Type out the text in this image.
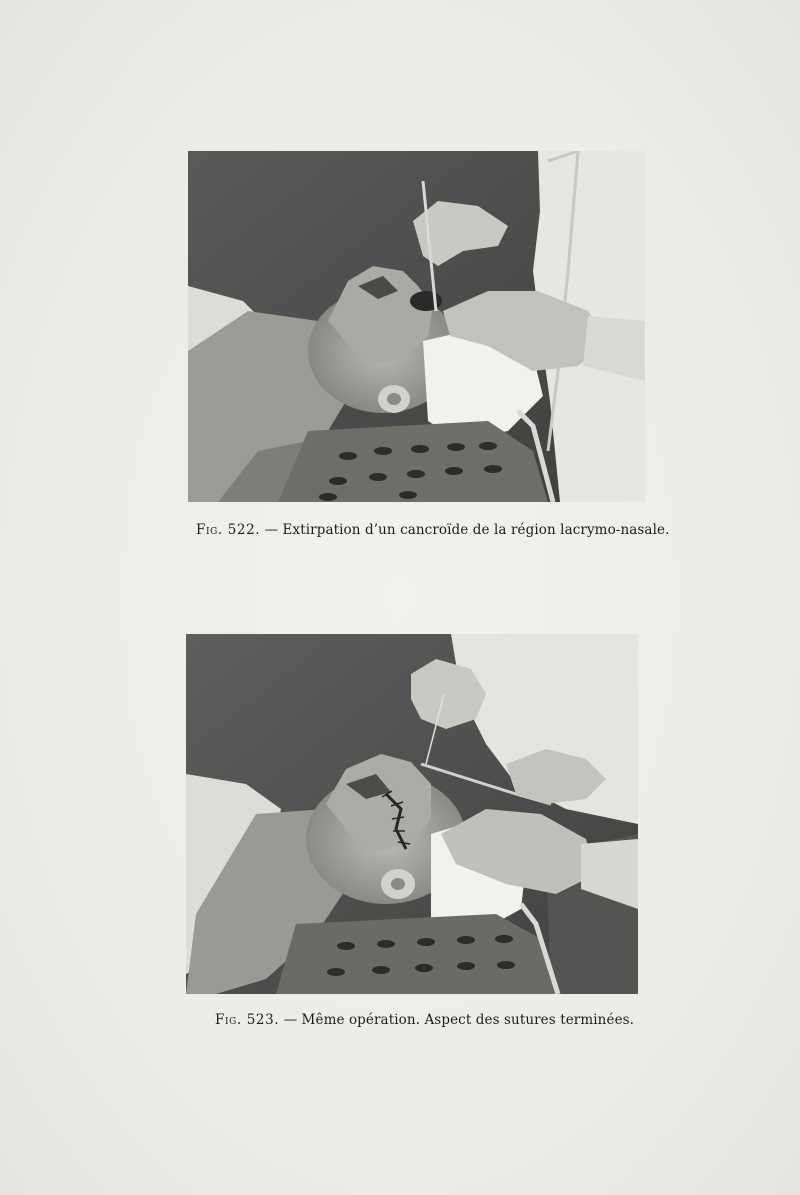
Fig. 522. — Extirpation d’un cancroïde de la région lacrymo-nasale.
Fig. 523. — Même opération. Aspect des sutures terminées.
